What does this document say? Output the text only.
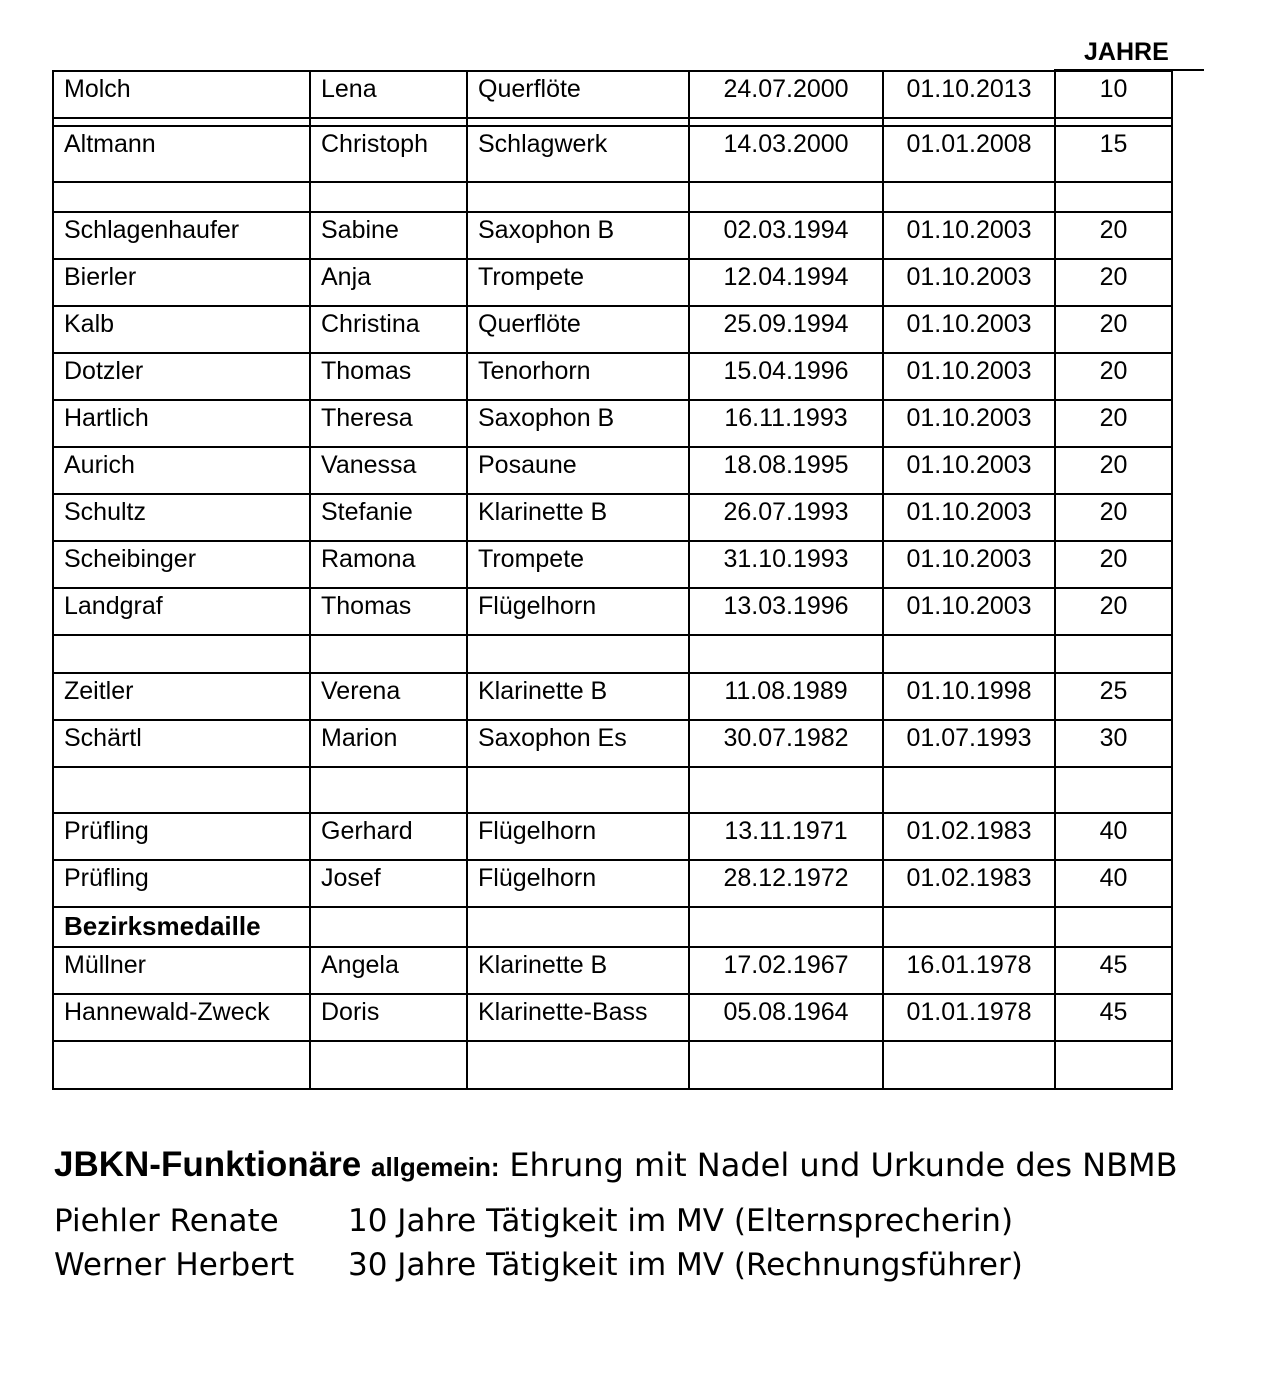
JAHRE
Molch	Lena	Querflöte	24.07.2000	01.10.2013	10

Altmann	Christoph	Schlagwerk	14.03.2000	01.01.2008	15

Schlagenhaufer	Sabine	Saxophon B	02.03.1994	01.10.2003	20
Bierler	Anja	Trompete	12.04.1994	01.10.2003	20
Kalb	Christina	Querflöte	25.09.1994	01.10.2003	20
Dotzler	Thomas	Tenorhorn	15.04.1996	01.10.2003	20
Hartlich	Theresa	Saxophon B	16.11.1993	01.10.2003	20
Aurich	Vanessa	Posaune	18.08.1995	01.10.2003	20
Schultz	Stefanie	Klarinette B	26.07.1993	01.10.2003	20
Scheibinger	Ramona	Trompete	31.10.1993	01.10.2003	20
Landgraf	Thomas	Flügelhorn	13.03.1996	01.10.2003	20

Zeitler	Verena	Klarinette B	11.08.1989	01.10.1998	25
Schärtl	Marion	Saxophon Es	30.07.1982	01.07.1993	30

Prüfling	Gerhard	Flügelhorn	13.11.1971	01.02.1983	40
Prüfling	Josef	Flügelhorn	28.12.1972	01.02.1983	40
Bezirksmedaille					
Müllner	Angela	Klarinette B	17.02.1967	16.01.1978	45
Hannewald-Zweck	Doris	Klarinette-Bass	05.08.1964	01.01.1978	45

JBKN-Funktionäre allgemein: Ehrung mit Nadel und Urkunde des NBMB
Piehler Renate	10 Jahre Tätigkeit im MV (Elternsprecherin)
Werner Herbert	30 Jahre Tätigkeit im MV (Rechnungsführer)
